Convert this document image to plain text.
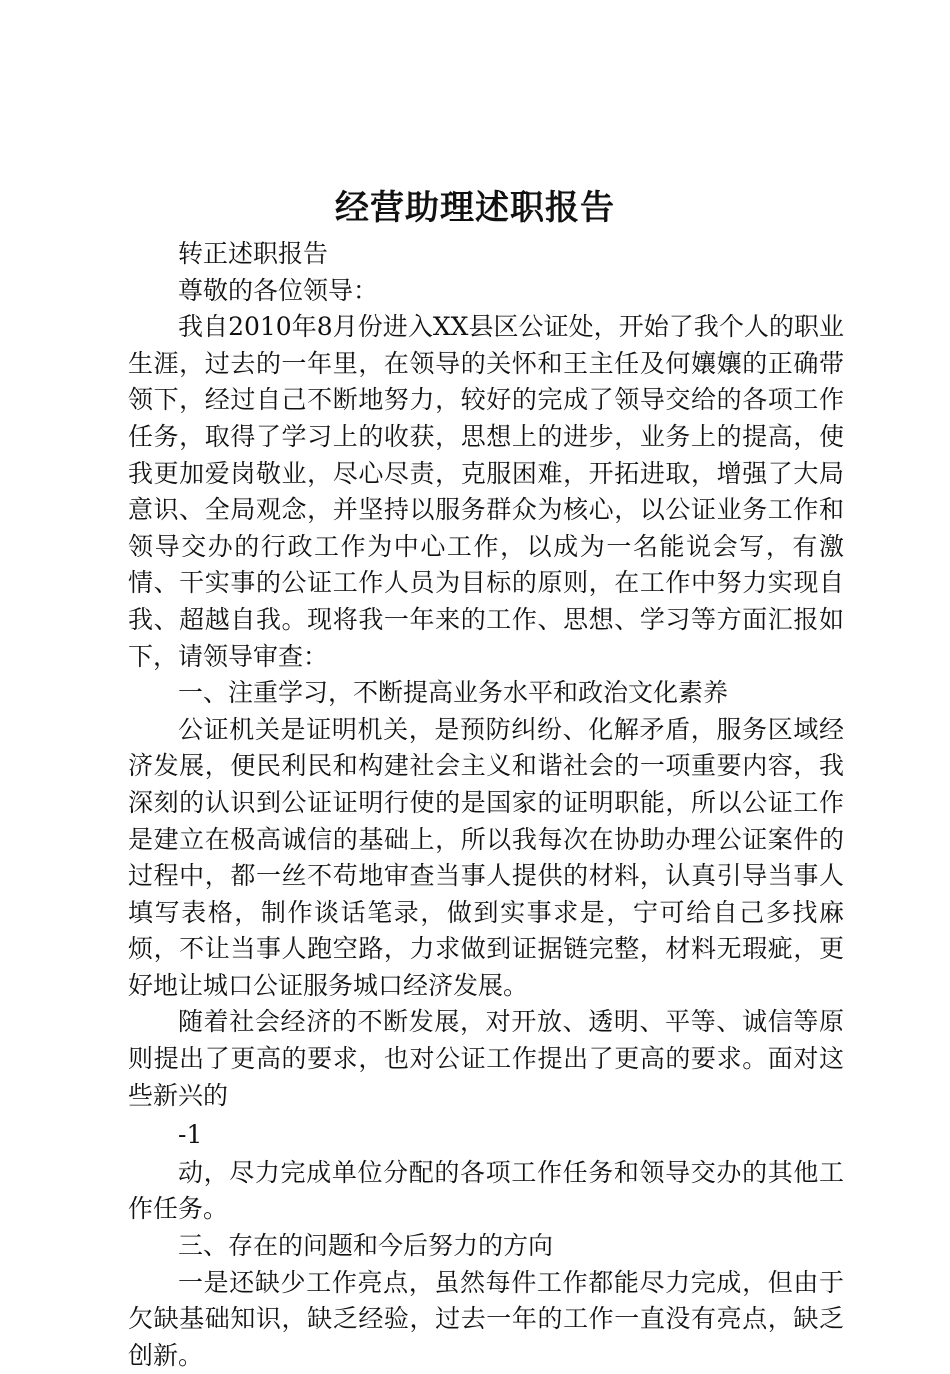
经营助理述职报告

转正述职报告

尊敬的各位领导：

我自2010年8月份进入XX县区公证处，开始了我个人的职业生涯，过去的一年里，在领导的关怀和王主任及何孃孃的正确带领下，经过自己不断地努力，较好的完成了领导交给的各项工作任务，取得了学习上的收获，思想上的进步，业务上的提高，使我更加爱岗敬业，尽心尽责，克服困难，开拓进取，增强了大局意识、全局观念，并坚持以服务群众为核心，以公证业务工作和领导交办的行政工作为中心工作，以成为一名能说会写，有激情、干实事的公证工作人员为目标的原则，在工作中努力实现自我、超越自我。现将我一年来的工作、思想、学习等方面汇报如下，请领导审查：

一、注重学习，不断提高业务水平和政治文化素养

公证机关是证明机关，是预防纠纷、化解矛盾，服务区域经济发展，便民利民和构建社会主义和谐社会的一项重要内容，我深刻的认识到公证证明行使的是国家的证明职能，所以公证工作是建立在极高诚信的基础上，所以我每次在协助办理公证案件的过程中，都一丝不苟地审查当事人提供的材料，认真引导当事人填写表格，制作谈话笔录，做到实事求是，宁可给自己多找麻烦，不让当事人跑空路，力求做到证据链完整，材料无瑕疵，更好地让城口公证服务城口经济发展。

随着社会经济的不断发展，对开放、透明、平等、诚信等原则提出了更高的要求，也对公证工作提出了更高的要求。面对这些新兴的

-1

动，尽力完成单位分配的各项工作任务和领导交办的其他工作任务。

三、存在的问题和今后努力的方向

一是还缺少工作亮点，虽然每件工作都能尽力完成，但由于欠缺基础知识，缺乏经验，过去一年的工作一直没有亮点，缺乏创新。
